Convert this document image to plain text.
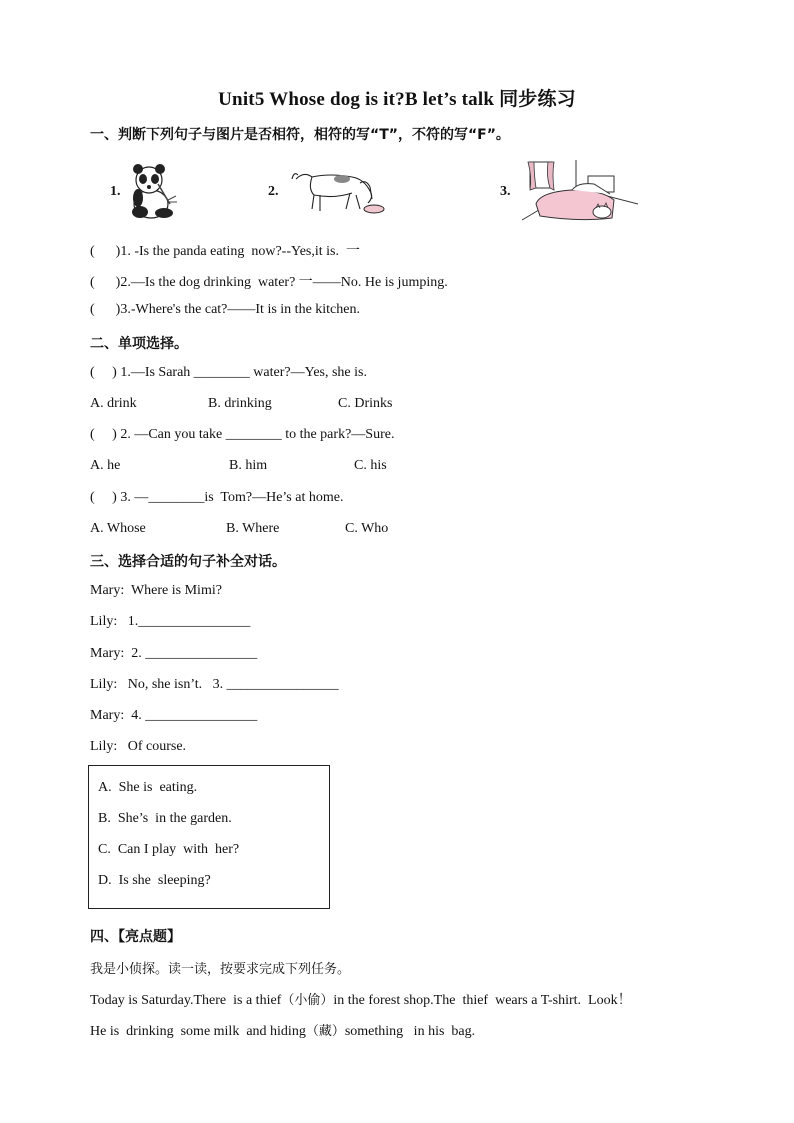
Unit5 Whose dog is it?B let’s talk 同步练习
一、判断下列句子与图片是否相符，相符的写“T”，不符的写“F”。
1.	2.	3.
(      )1. -Is the panda eating  now?--Yes,it is.  一
(      )2.—Is the dog drinking  water? 一——No. He is jumping.
(      )3.-Where's the cat?——It is in the kitchen.
二、单项选择。
(     ) 1.—Is Sarah ________ water?—Yes, she is.
A. drink	B. drinking	C. Drinks
(     ) 2. —Can you take ________ to the park?—Sure.
A. he	B. him	C. his
(     ) 3. —________is  Tom?—He’s at home.
A. Whose	B. Where	C. Who
三、选择合适的句子补全对话。
Mary:  Where is Mimi?
Lily:   1.________________
Mary:  2. ________________
Lily:   No, she isn’t.   3. ________________
Mary:  4. ________________
Lily:   Of course.
A.  She is  eating.
B.  She’s  in the garden.
C.  Can I play  with  her?
D.  Is she  sleeping?
四、【亮点题】
我是小侦探。读一读，按要求完成下列任务。
Today is Saturday.There  is a thief（小偷）in the forest shop.The  thief  wears a T-shirt.  Look！
He is  drinking  some milk  and hiding（藏）something   in his  bag.
